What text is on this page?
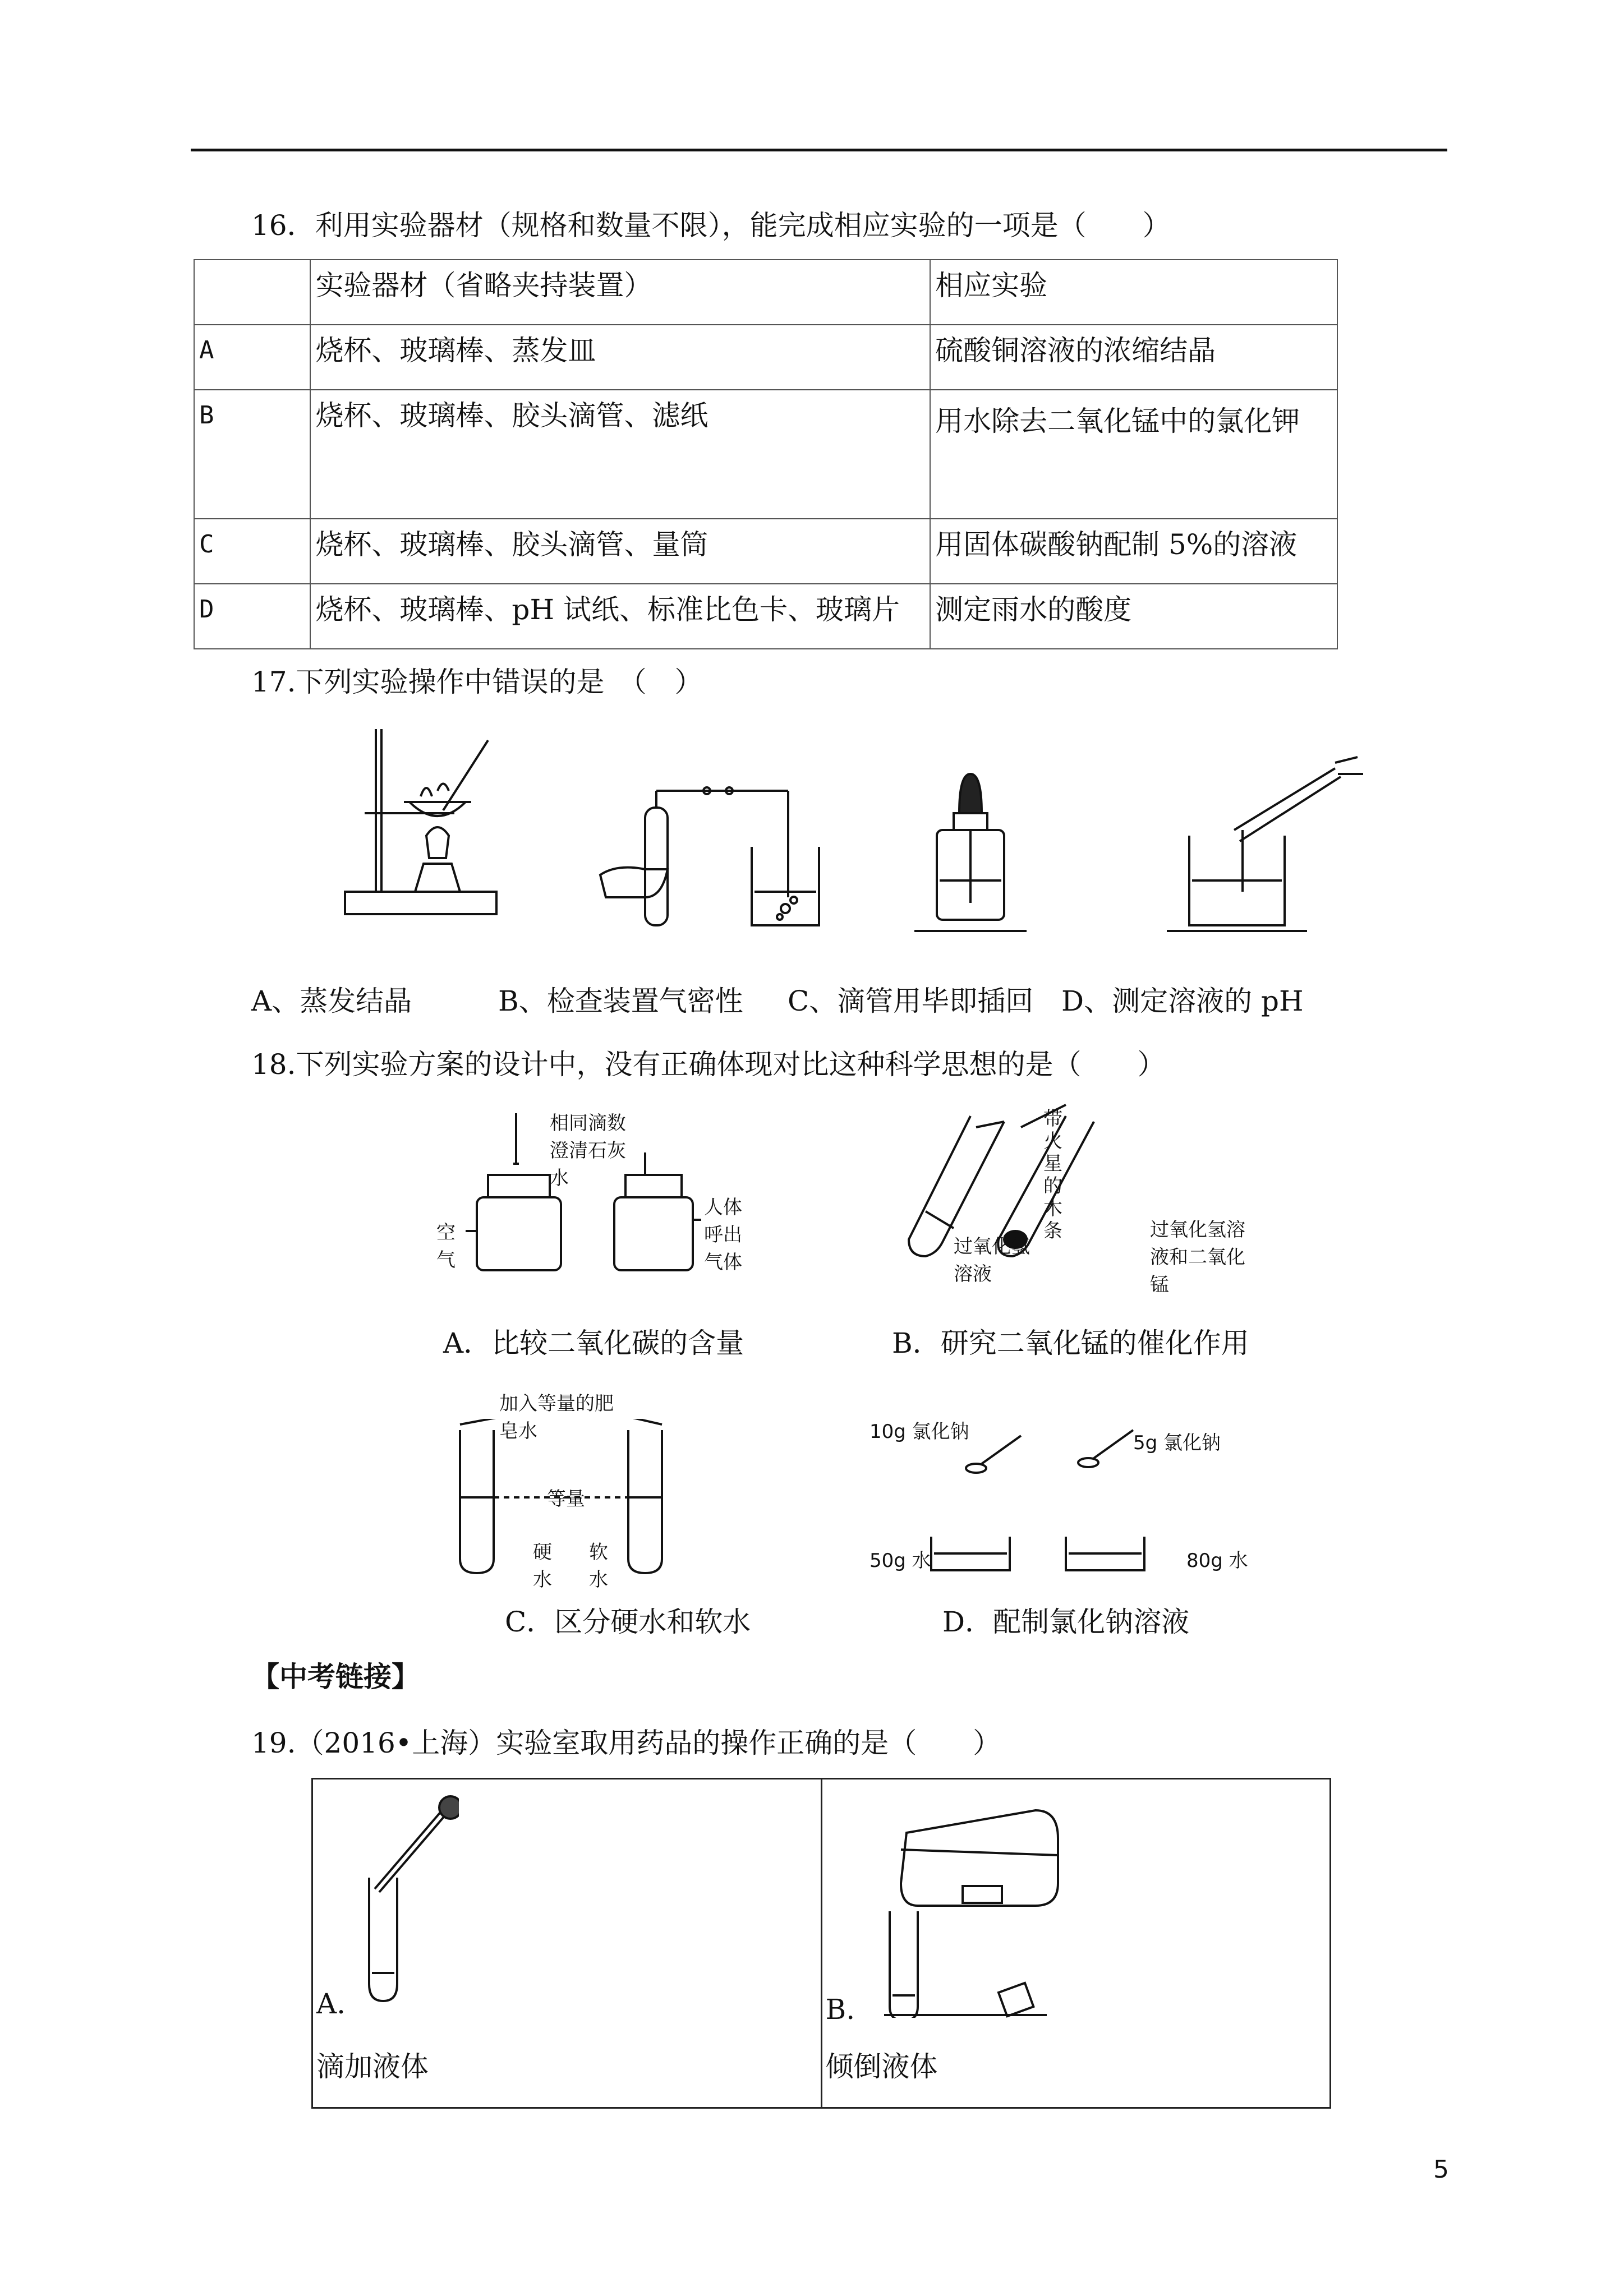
16．利用实验器材（规格和数量不限），能完成相应实验的一项是（　　）
	实验器材（省略夹持装置）	相应实验
A	烧杯、玻璃棒、蒸发皿	硫酸铜溶液的浓缩结晶
B	烧杯、玻璃棒、胶头滴管、滤纸	用水除去二氧化锰中的氯化钾
C	烧杯、玻璃棒、胶头滴管、量筒	用固体碳酸钠配制 5%的溶液
D	烧杯、玻璃棒、pH 试纸、标准比色卡、玻璃片	测定雨水的酸度
17.下列实验操作中错误的是　（　）
A、蒸发结晶	B、检查装置气密性 C、滴管用毕即插回 D、测定溶液的 pH
18.下列实验方案的设计中，没有正确体现对比这种科学思想的是（　　）
相同滴数澄清石灰水
空气
人体呼出气体
带火星的木条
过氧化氢溶液
过氧化氢溶液和二氧化锰
加入等量的肥皂水
等量
硬水
软水
10g 氯化钠	5g 氯化钠
50g 水	80g 水
A．比较二氧化碳的含量	B．研究二氧化锰的催化作用
C．区分硬水和软水	D．配制氯化钠溶液
【中考链接】
19.（2016•上海）实验室取用药品的操作正确的是（　　）
A.
滴加液体

B.
倾倒液体
5
